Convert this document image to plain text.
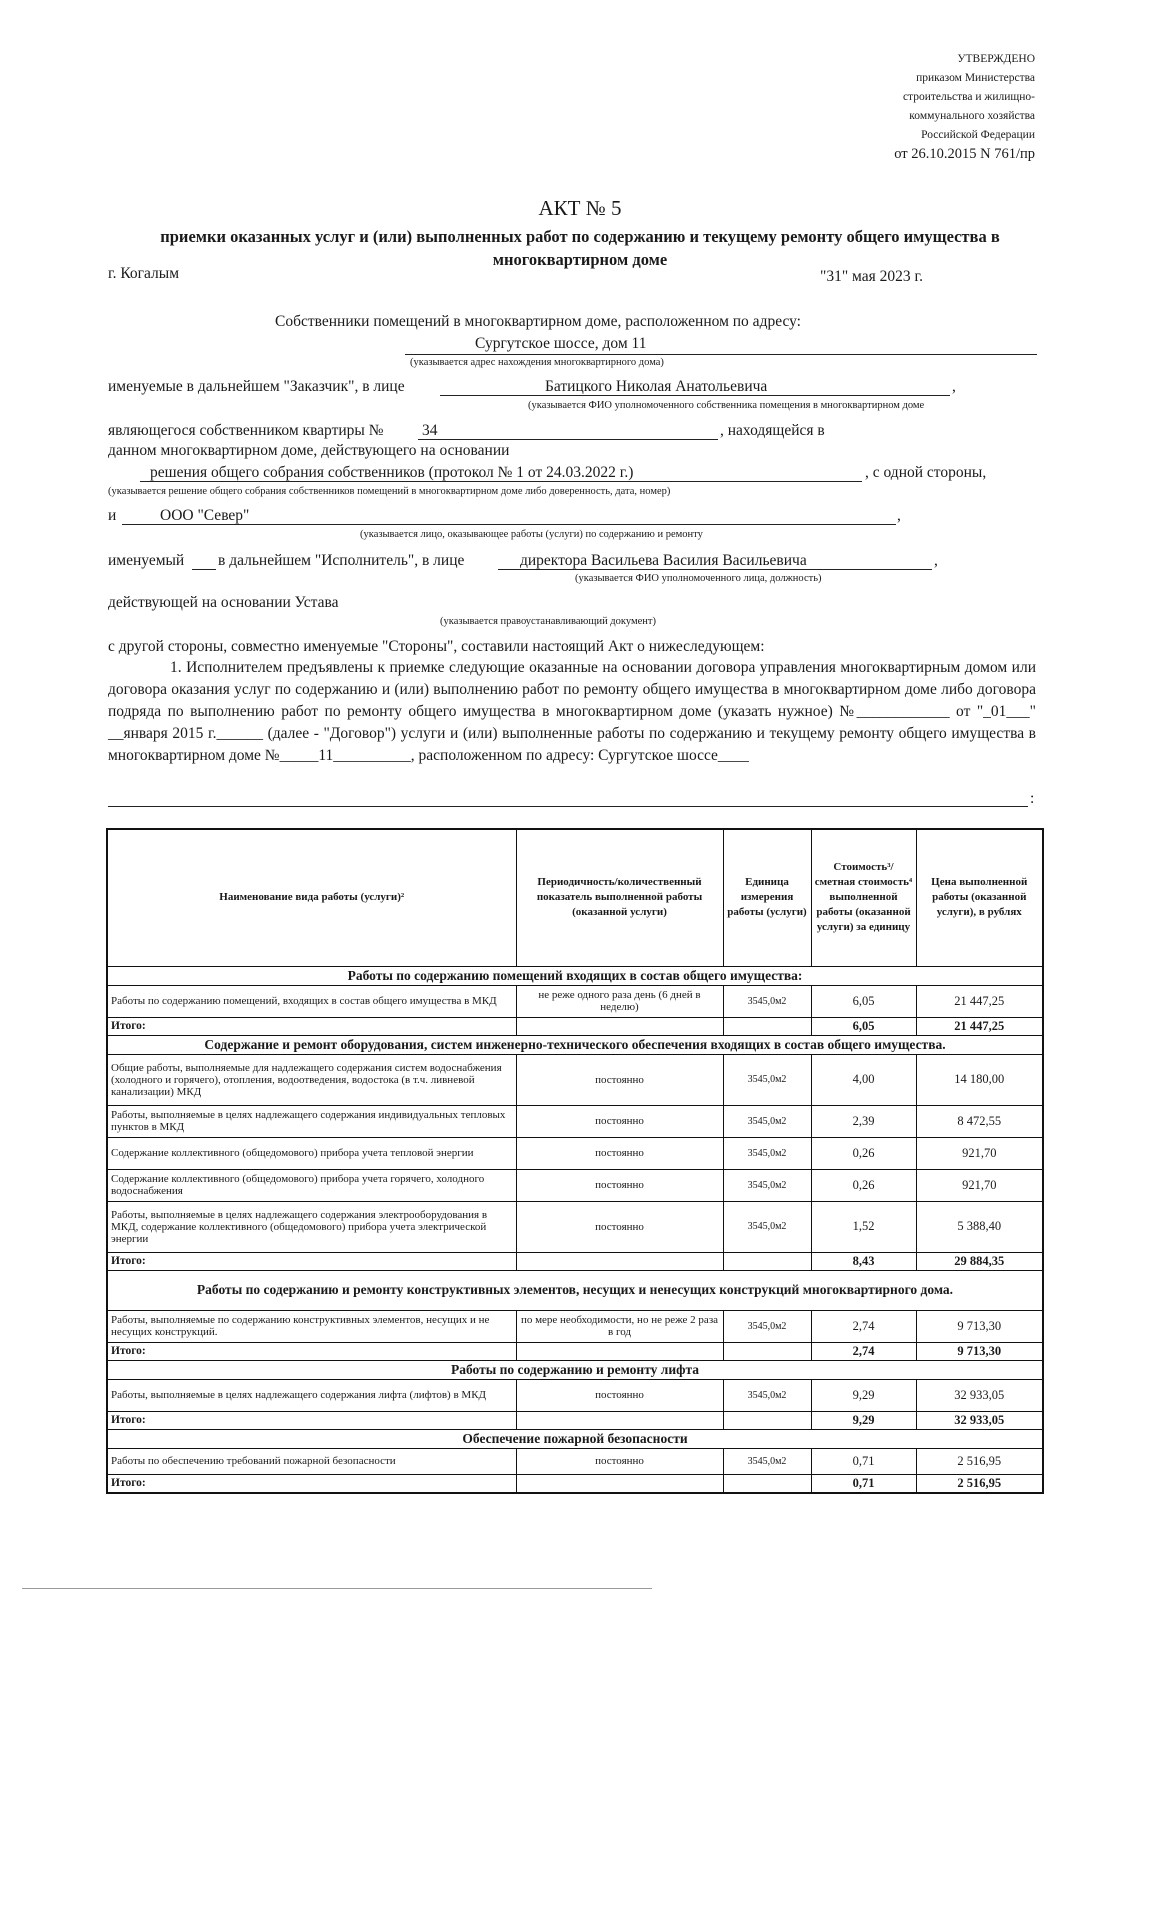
УТВЕРЖДЕНО
приказом Министерства
строительства и жилищно-
коммунального хозяйства
Российской Федерации
от 26.10.2015 N 761/пр
АКТ № 5
приемки оказанных услуг и (или) выполненных работ по содержанию и текущему ремонту общего имущества в многоквартирном доме
г. Когалым	"31" мая 2023 г.
Собственники помещений в многоквартирном доме, расположенном по адресу:
Сургутское шоссе, дом 11
(указывается адрес нахождения многоквартирного дома)
именуемые в дальнейшем "Заказчик", в лице	Батицкого Николая Анатольевича	,
(указывается ФИО уполномоченного собственника помещения в многоквартирном доме
являющегося собственником квартиры № 34	, находящейся в
данном многоквартирном доме, действующего на основании
решения общего собрания собственников (протокол № 1 от 24.03.2022 г.)	, с одной стороны,
(указывается решение общего собрания собственников помещений в многоквартирном доме либо доверенность, дата, номер)
и	ООО "Север"	,
(указывается лицо, оказывающее работы (услуги) по содержанию и ремонту
именуемый в дальнейшем "Исполнитель", в лице	директора Васильева Василия Васильевича	,
(указывается ФИО уполномоченного лица, должность)
действующей на основании Устава
(указывается правоустанавливающий документ)
с другой стороны, совместно именуемые "Стороны", составили настоящий Акт о нижеследующем:
1. Исполнителем предъявлены к приемке следующие оказанные на основании договора управления многоквартирным домом или договора оказания услуг по содержанию и (или) выполнению работ по ремонту общего имущества в многоквартирном доме либо договора подряда по выполнению работ по ремонту общего имущества в многоквартирном доме (указать нужное) №____________ от "_01___" __января 2015 г.______ (далее - "Договор") услуги и (или) выполненные работы по содержанию и текущему ремонту общего имущества в многоквартирном доме №_____11__________, расположенном по адресу: Сургутское шоссе____
:
Наименование вида работы (услуги)²	Периодичность/количественный показатель выполненной работы (оказанной услуги)	Единица измерения работы (услуги)	Стоимость³/сметная стоимость⁴ выполненной работы (оказанной услуги) за единицу	Цена выполненной работы (оказанной услуги), в рублях
Работы по содержанию помещений входящих в состав общего имущества:				
Работы по содержанию помещений, входящих в состав общего имущества в МКД	не реже одного раза день (6 дней в неделю)	3545,0м2	6,05	21 447,25
Итого:			6,05	21 447,25
Содержание и ремонт оборудования, систем инженерно-технического обеспечения входящих в состав общего имущества.				
Общие работы, выполняемые для надлежащего содержания систем водоснабжения (холодного и горячего), отопления, водоотведения, водостока (в т.ч. ливневой канализации) МКД	постоянно	3545,0м2	4,00	14 180,00
Работы, выполняемые в целях надлежащего содержания индивидуальных тепловых пунктов в МКД	постоянно	3545,0м2	2,39	8 472,55
Содержание коллективного (общедомового) прибора учета тепловой энергии	постоянно	3545,0м2	0,26	921,70
Содержание коллективного (общедомового) прибора учета горячего, холодного водоснабжения	постоянно	3545,0м2	0,26	921,70
Работы, выполняемые в целях надлежащего содержания электрооборудования в МКД, содержание коллективного (общедомового) прибора учета электрической энергии	постоянно	3545,0м2	1,52	5 388,40
Итого:			8,43	29 884,35
Работы по содержанию и ремонту конструктивных элементов, несущих и ненесущих конструкций многоквартирного дома.				
Работы, выполняемые по содержанию конструктивных элементов, несущих и не несущих конструкций.	по мере необходимости, но не реже 2 раза в год	3545,0м2	2,74	9 713,30
Итого:			2,74	9 713,30
Работы по содержанию и ремонту лифта				
Работы, выполняемые в целях надлежащего содержания лифта (лифтов) в МКД	постоянно	3545,0м2	9,29	32 933,05
Итого:			9,29	32 933,05
Обеспечение пожарной безопасности				
Работы по обеспечению требований пожарной безопасности	постоянно	3545,0м2	0,71	2 516,95
Итого:			0,71	2 516,95
